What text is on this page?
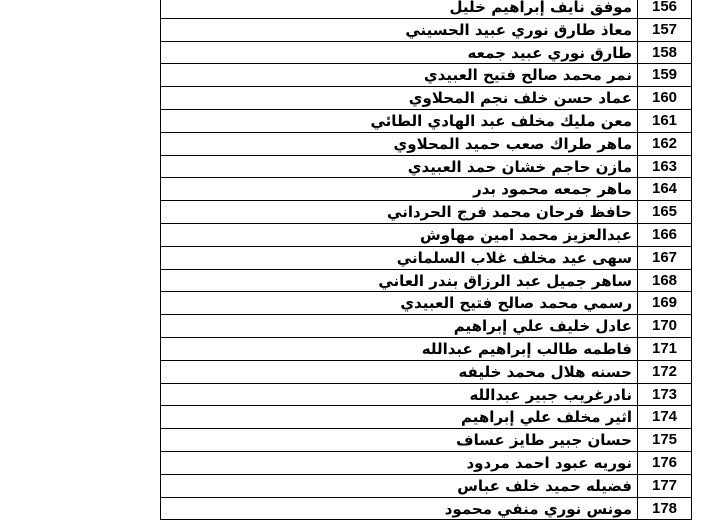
موفق نايف إبراهيم خليل	156
معاذ طارق نوري عبيد الحسيني	157
طارق نوري عبيد جمعه	158
نمر محمد صالح فتيح العبيدي	159
عماد حسن خلف نجم المحلاوي	160
معن مليك مخلف عبد الهادي الطائي	161
ماهر طراك صعب حميد المحلاوي	162
مازن حاجم خشان حمد العبيدي	163
ماهر جمعه محمود بدر	164
حافظ فرحان محمد فرج الحرداني	165
عبدالعزيز محمد امين مهاوش	166
سهى عيد مخلف غلاب السلماني	167
ساهر جميل عبد الرزاق بندر العاني	168
رسمي محمد صالح فتيح العبيدي	169
عادل خليف علي إبراهيم	170
فاطمه طالب إبراهيم عبدالله	171
حسنه هلال محمد خليفه	172
نادرغريب جبير عبدالله	173
اثير مخلف علي إبراهيم	174
حسان جبير طايز عساف	175
نوريه عبود احمد مردود	176
فضيله حميد خلف عباس	177
مونس نوري منفي محمود	178
